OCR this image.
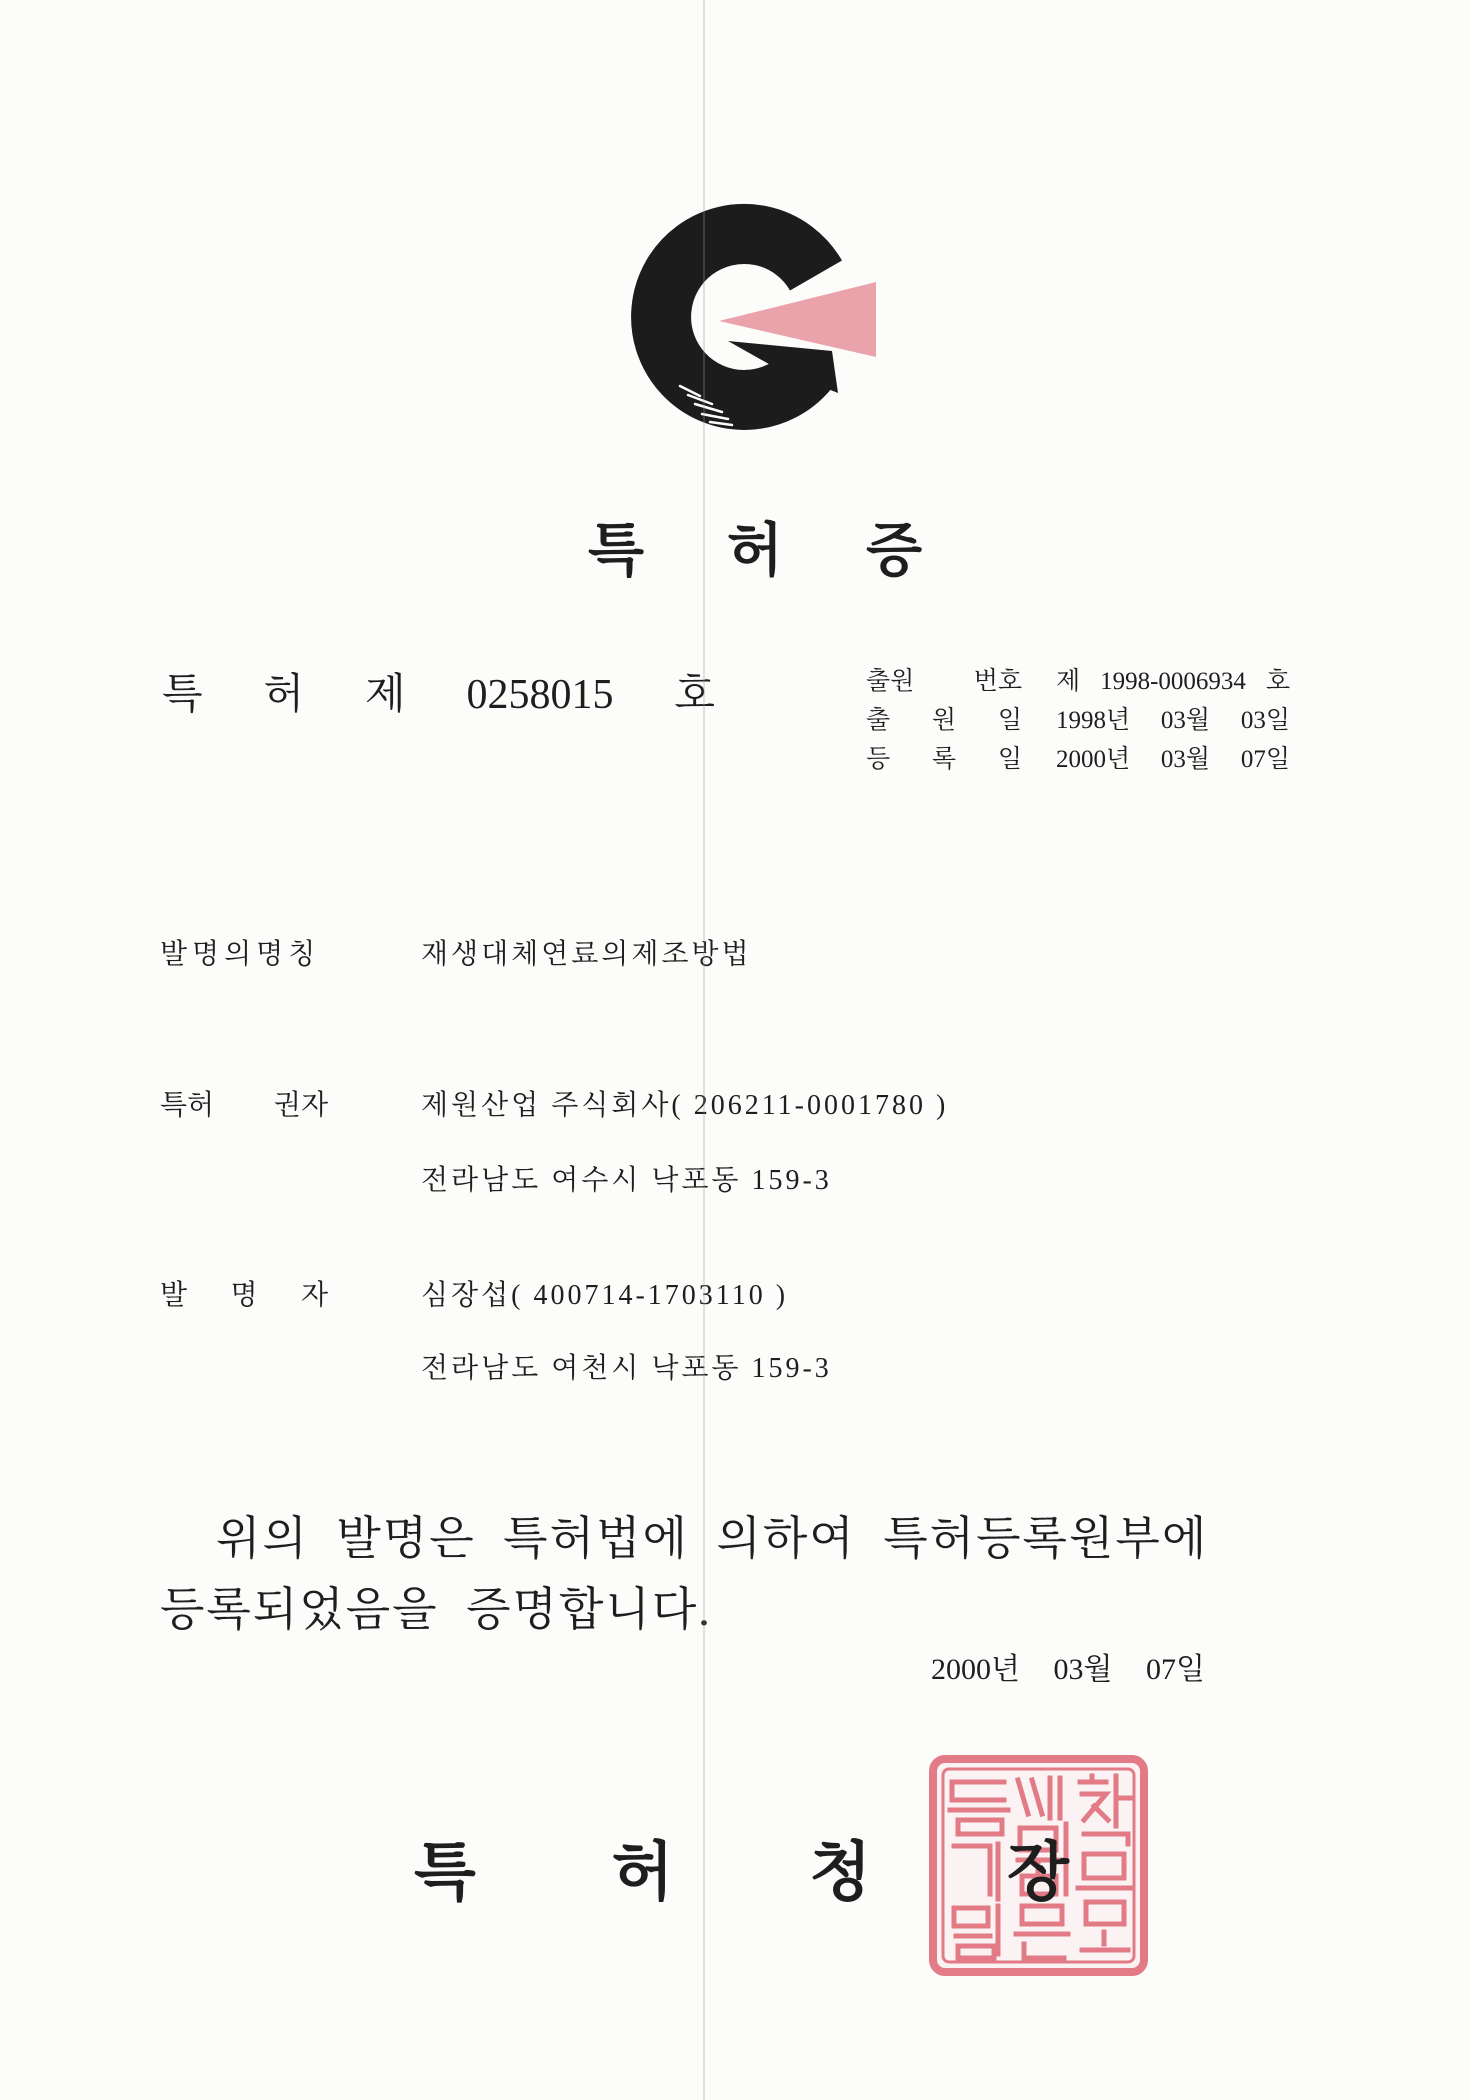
특 허 증
특 허 제 0258015 호	출원 번호 제 1998-0006934 호
출 원 일 1998년 03월 03일
등 록 일 2000년 03월 07일
발명의명칭	재생대체연료의제조방법
특허 권자	제원산업 주식회사( 206211-0001780 )
전라남도 여수시 낙포동 159-3
발 명 자	심장섭( 400714-1703110 )
전라남도 여천시 낙포동 159-3
위의 발명은 특허법에 의하여 특허등록원부에
등록되었음을 증명합니다.
2000년 03월 07일
특 허 청 장
